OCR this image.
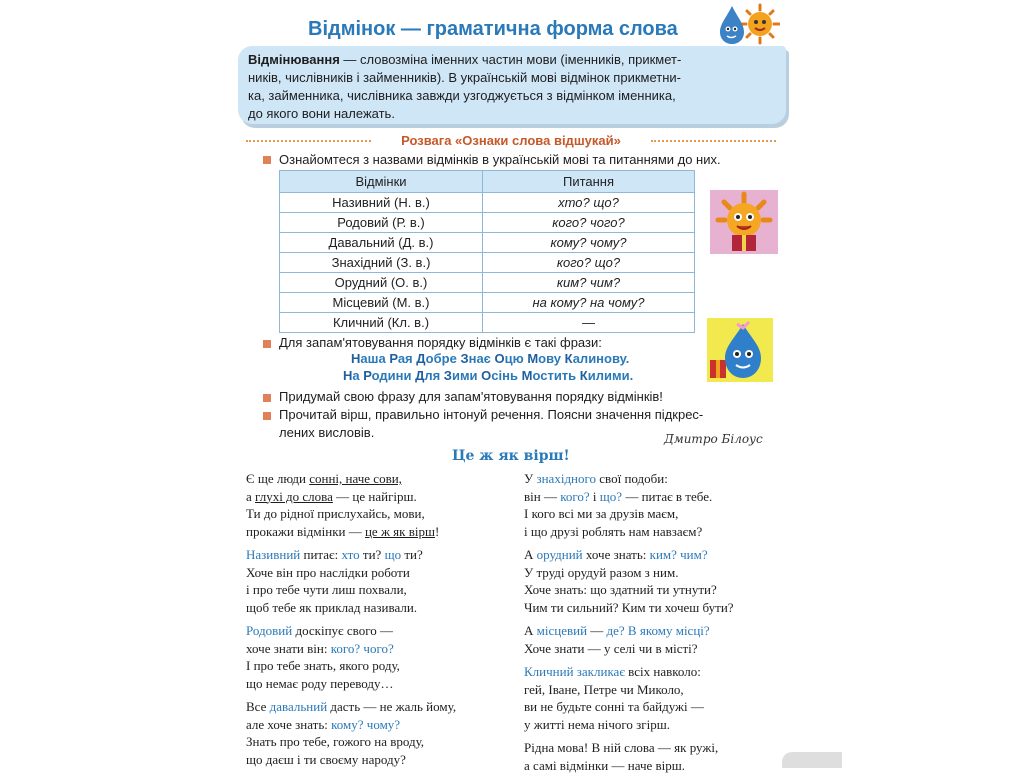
Відмінок — граматична форма слова
Відмінювання — словозміна іменних частин мови (іменників, прикмет-
ників, числівників і займенників). В українській мові відмінок прикметни-
ка, займенника, числівника завжди узгоджується з відмінком іменника,
до якого вони належать.
Розвага «Ознаки слова відшукай»
Ознайомтеся з назвами відмінків в українській мові та питаннями до них.
Відмінки	Питання
Називний (Н. в.)	хто? що?
Родовий (Р. в.)	кого? чого?
Давальний (Д. в.)	кому? чому?
Знахідний (З. в.)	кого? що?
Орудний (О. в.)	ким? чим?
Місцевий (М. в.)	на кому? на чому?
Кличний (Кл. в.)	—
Для запам'ятовування порядку відмінків є такі фрази:
Наша Рая Добре Знає Оцю Мову Калинову.
На Родини Для Зими Осінь Мостить Килими.
Придумай свою фразу для запам'ятовування порядку відмінків!
Прочитай вірш, правильно інтонуй речення. Поясни значення підкрес-
лених висловів.	Дмитро Білоус
Це ж як вірш!
Є ще люди сонні, наче сови,
а глухі до слова — це найгірш.
Ти до рідної прислухайсь, мови,
прокажи відмінки — це ж як вірш!
Називний питає: хто ти? що ти?
Хоче він про наслідки роботи
і про тебе чути лиш похвали,
щоб тебе як приклад називали.
Родовий доскіпує свого —
хоче знати він: кого? чого?
І про тебе знать, якого роду,
що немає роду переводу…
Все давальний дасть — не жаль йому,
але хоче знать: кому? чому?
Знать про тебе, гожого на вроду,
що даєш і ти своєму народу?
У знахідного свої подоби:
він — кого? і що? — питає в тебе.
І кого всі ми за друзів маєм,
і що друзі роблять нам навзаєм?
А орудний хоче знать: ким? чим?
У труді орудуй разом з ним.
Хоче знать: що здатний ти утнути?
Чим ти сильний? Ким ти хочеш бути?
А місцевий — де? В якому місці?
Хоче знати — у селі чи в місті?
Кличний закликає всіх навколо:
гей, Іване, Петре чи Миколо,
ви не будьте сонні та байдужі —
у житті нема нічого згірш.
Рідна мова! В ній слова — як ружі,
а самі відмінки — наче вірш.
